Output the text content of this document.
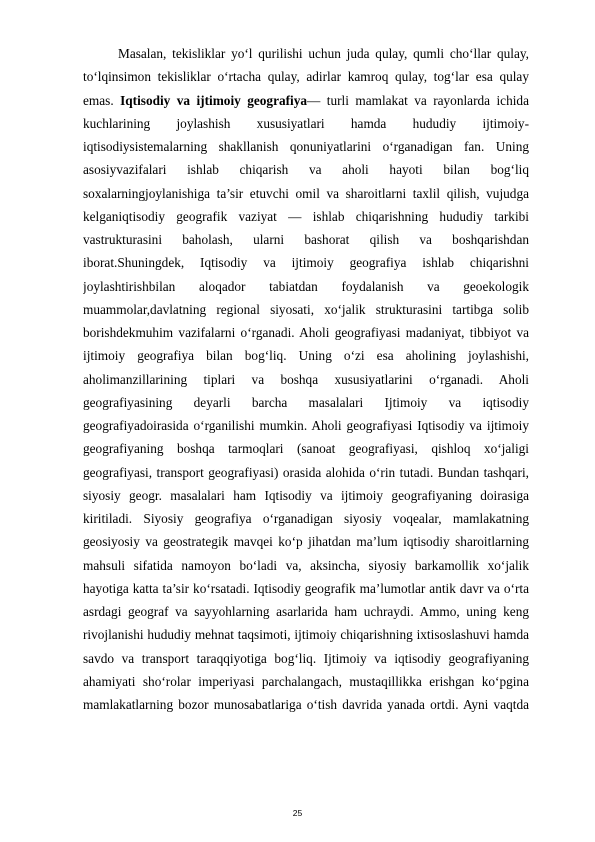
Masalan, tekisliklar yo‘l qurilishi uchun juda qulay, qumli cho‘llar qulay,
to‘lqinsimon tekisliklar o‘rtacha qulay, adirlar kamroq qulay, tog‘lar esa qulay
emas. Iqtisodiy va ijtimoiy geografiya— turli mamlakat va rayonlarda ichida
kuchlarining joylashish xususiyatlari hamda hududiy ijtimoiy-
iqtisodiysistemalarning shakllanish qonuniyatlarini o‘rganadigan fan. Uning
asosiyvazifalari ishlab chiqarish va aholi hayoti bilan bog‘liq
soxalarningjoylanishiga ta’sir etuvchi omil va sharoitlarni taxlil qilish, vujudga
kelganiqtisodiy geografik vaziyat — ishlab chiqarishning hududiy tarkibi
vastrukturasini baholash, ularni bashorat qilish va boshqarishdan
iborat.Shuningdek, Iqtisodiy va ijtimoiy geografiya ishlab chiqarishni
joylashtirishbilan aloqador tabiatdan foydalanish va geoekologik
muammolar,davlatning regional siyosati, xo‘jalik strukturasini tartibga solib
borishdekmuhim vazifalarni o‘rganadi. Aholi geografiyasi madaniyat, tibbiyot va
ijtimoiy geografiya bilan bog‘liq. Uning o‘zi esa aholining joylashishi,
aholimanzillarining tiplari va boshqa xususiyatlarini o‘rganadi. Aholi
geografiyasining deyarli barcha masalalari Ijtimoiy va iqtisodiy
geografiyadoirasida o‘rganilishi mumkin. Aholi geografiyasi Iqtisodiy va ijtimoiy
geografiyaning boshqa tarmoqlari (sanoat geografiyasi, qishloq xo‘jaligi
geografiyasi, transport geografiyasi) orasida alohida o‘rin tutadi. Bundan tashqari,
siyosiy geogr. masalalari ham Iqtisodiy va ijtimoiy geografiyaning doirasiga
kiritiladi. Siyosiy geografiya o‘rganadigan siyosiy voqealar, mamlakatning
geosiyosiy va geostrategik mavqei ko‘p jihatdan ma’lum iqtisodiy sharoitlarning
mahsuli sifatida namoyon bo‘ladi va, aksincha, siyosiy barkamollik xo‘jalik
hayotiga katta ta’sir ko‘rsatadi. Iqtisodiy geografik ma’lumotlar antik davr va o‘rta
asrdagi geograf va sayyohlarning asarlarida ham uchraydi. Ammo, uning keng
rivojlanishi hududiy mehnat taqsimoti, ijtimoiy chiqarishning ixtisoslashuvi hamda
savdo va transport taraqqiyotiga bog‘liq. Ijtimoiy va iqtisodiy geografiyaning
ahamiyati sho‘rolar imperiyasi parchalangach, mustaqillikka erishgan ko‘pgina
mamlakatlarning bozor munosabatlariga o‘tish davrida yanada ortdi. Ayni vaqtda
25
